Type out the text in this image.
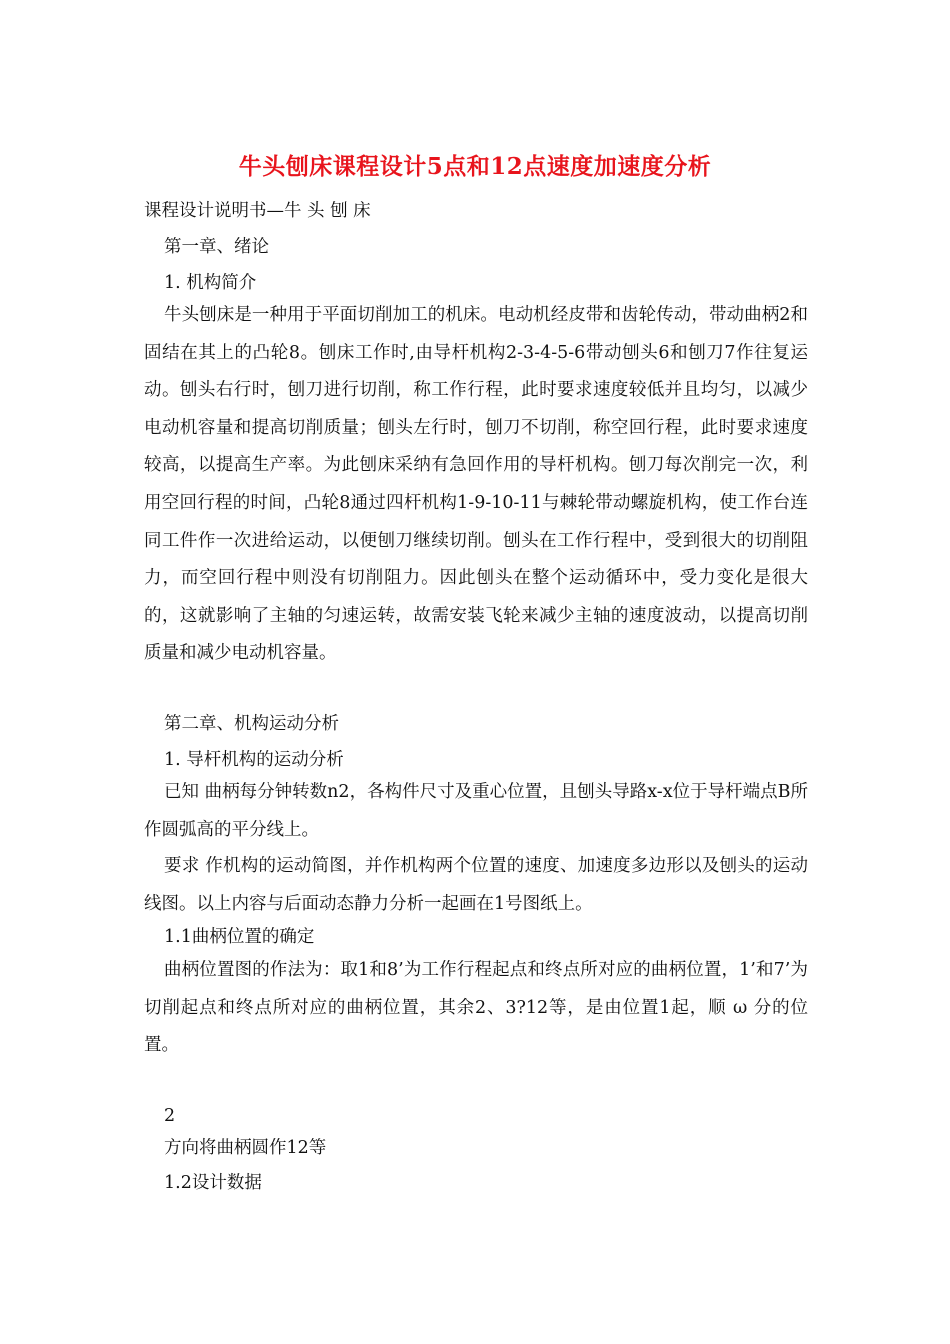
牛头刨床课程设计5点和12点速度加速度分析
课程设计说明书—牛 头 刨 床
第一章、绪论
1. 机构简介
牛头刨床是一种用于平面切削加工的机床。电动机经皮带和齿轮传动，带动曲柄2和固结在其上的凸轮8。刨床工作时,由导杆机构2-3-4-5-6带动刨头6和刨刀7作往复运动。刨头右行时，刨刀进行切削，称工作行程，此时要求速度较低并且均匀，以减少电动机容量和提高切削质量；刨头左行时，刨刀不切削，称空回行程，此时要求速度较高，以提高生产率。为此刨床采纳有急回作用的导杆机构。刨刀每次削完一次，利用空回行程的时间，凸轮8通过四杆机构1-9-10-11与棘轮带动螺旋机构，使工作台连同工件作一次进给运动，以便刨刀继续切削。刨头在工作行程中，受到很大的切削阻力，而空回行程中则没有切削阻力。因此刨头在整个运动循环中，受力变化是很大的，这就影响了主轴的匀速运转，故需安装飞轮来减少主轴的速度波动，以提高切削质量和减少电动机容量。
第二章、机构运动分析
1. 导杆机构的运动分析
已知 曲柄每分钟转数n2，各构件尺寸及重心位置，且刨头导路x-x位于导杆端点B所作圆弧高的平分线上。
要求 作机构的运动简图，并作机构两个位置的速度、加速度多边形以及刨头的运动线图。以上内容与后面动态静力分析一起画在1号图纸上。
1.1曲柄位置的确定
曲柄位置图的作法为：取1和8’为工作行程起点和终点所对应的曲柄位置，1’和7’为切削起点和终点所对应的曲柄位置，其余2、3?12等，是由位置1起，顺 ω 分的位置。
2
方向将曲柄圆作12等
1.2设计数据
